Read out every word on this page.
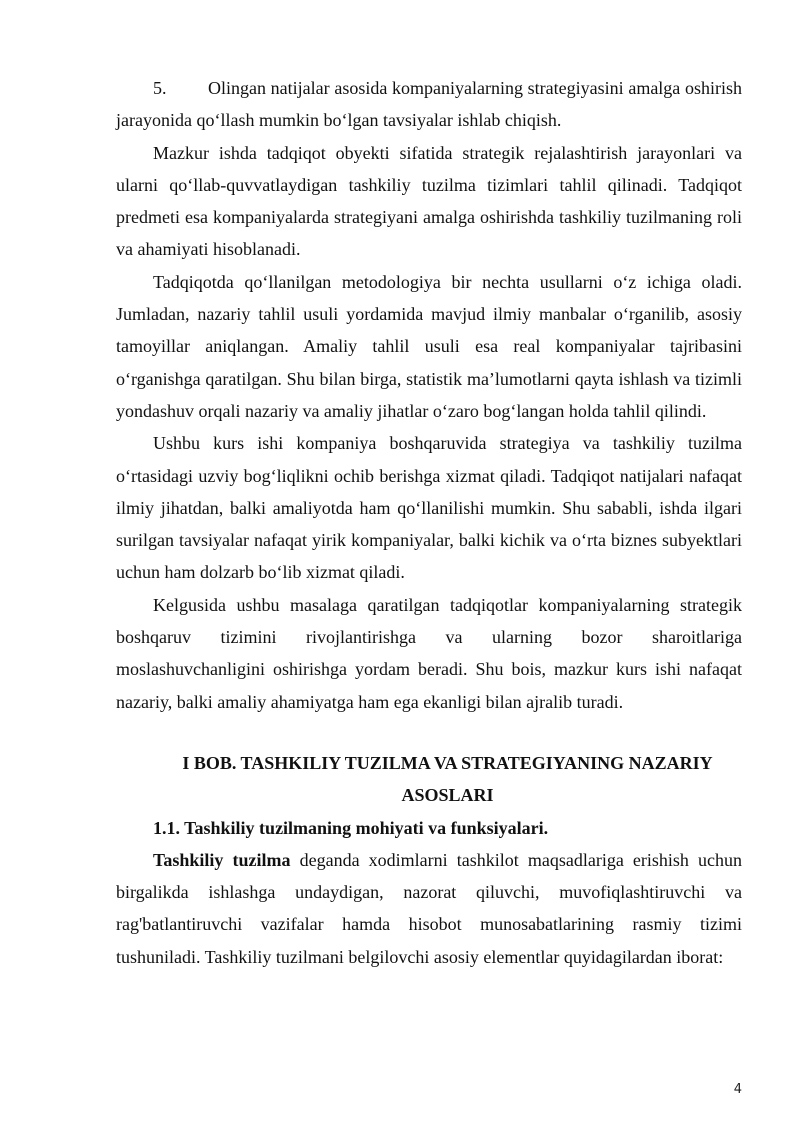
5. Olingan natijalar asosida kompaniyalarning strategiyasini amalga oshirish jarayonida qo‘llash mumkin bo‘lgan tavsiyalar ishlab chiqish.

Mazkur ishda tadqiqot obyekti sifatida strategik rejalashtirish jarayonlari va ularni qo‘llab-quvvatlaydigan tashkiliy tuzilma tizimlari tahlil qilinadi. Tadqiqot predmeti esa kompaniyalarda strategiyani amalga oshirishda tashkiliy tuzilmaning roli va ahamiyati hisoblanadi.

Tadqiqotda qo‘llanilgan metodologiya bir nechta usullarni o‘z ichiga oladi. Jumladan, nazariy tahlil usuli yordamida mavjud ilmiy manbalar o‘rganilib, asosiy tamoyillar aniqlangan. Amaliy tahlil usuli esa real kompaniyalar tajribasini o‘rganishga qaratilgan. Shu bilan birga, statistik ma’lumotlarni qayta ishlash va tizimli yondashuv orqali nazariy va amaliy jihatlar o‘zaro bog‘langan holda tahlil qilindi.

Ushbu kurs ishi kompaniya boshqaruvida strategiya va tashkiliy tuzilma o‘rtasidagi uzviy bog‘liqlikni ochib berishga xizmat qiladi. Tadqiqot natijalari nafaqat ilmiy jihatdan, balki amaliyotda ham qo‘llanilishi mumkin. Shu sababli, ishda ilgari surilgan tavsiyalar nafaqat yirik kompaniyalar, balki kichik va o‘rta biznes subyektlari uchun ham dolzarb bo‘lib xizmat qiladi.

Kelgusida ushbu masalaga qaratilgan tadqiqotlar kompaniyalarning strategik

boshqaruv tizimini rivojlantirishga va ularning bozor sharoitlariga

moslashuvchanligini oshirishga yordam beradi. Shu bois, mazkur kurs ishi nafaqat nazariy, balki amaliy ahamiyatga ham ega ekanligi bilan ajralib turadi.

I BOB. TASHKILIY TUZILMA VA STRATEGIYANING NAZARIY
ASOSLARI

1.1. Tashkiliy tuzilmaning mohiyati va funksiyalari.

Tashkiliy tuzilma deganda xodimlarni tashkilot maqsadlariga erishish uchun birgalikda ishlashga undaydigan, nazorat qiluvchi, muvofiqlashtiruvchi va rag'batlantiruvchi vazifalar hamda hisobot munosabatlarining rasmiy tizimi tushuniladi. Tashkiliy tuzilmani belgilovchi asosiy elementlar quyidagilardan iborat:

4
